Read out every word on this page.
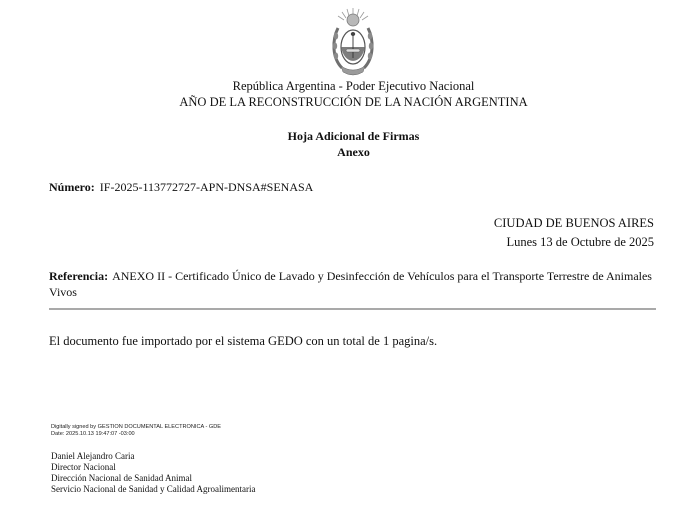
República Argentina - Poder Ejecutivo Nacional
AÑO DE LA RECONSTRUCCIÓN DE LA NACIÓN ARGENTINA
Hoja Adicional de Firmas
Anexo
Número: IF-2025-113772727-APN-DNSA#SENASA
CIUDAD DE BUENOS AIRES
Lunes 13 de Octubre de 2025
Referencia: ANEXO II - Certificado Único de Lavado y Desinfección de Vehículos para el Transporte Terrestre de Animales Vivos
El documento fue importado por el sistema GEDO con un total de 1 pagina/s.
Digitally signed by GESTION DOCUMENTAL ELECTRONICA - GDE
Date: 2025.10.13 19:47:07 -03:00
Daniel Alejandro Caria
Director Nacional
Dirección Nacional de Sanidad Animal
Servicio Nacional de Sanidad y Calidad Agroalimentaria
